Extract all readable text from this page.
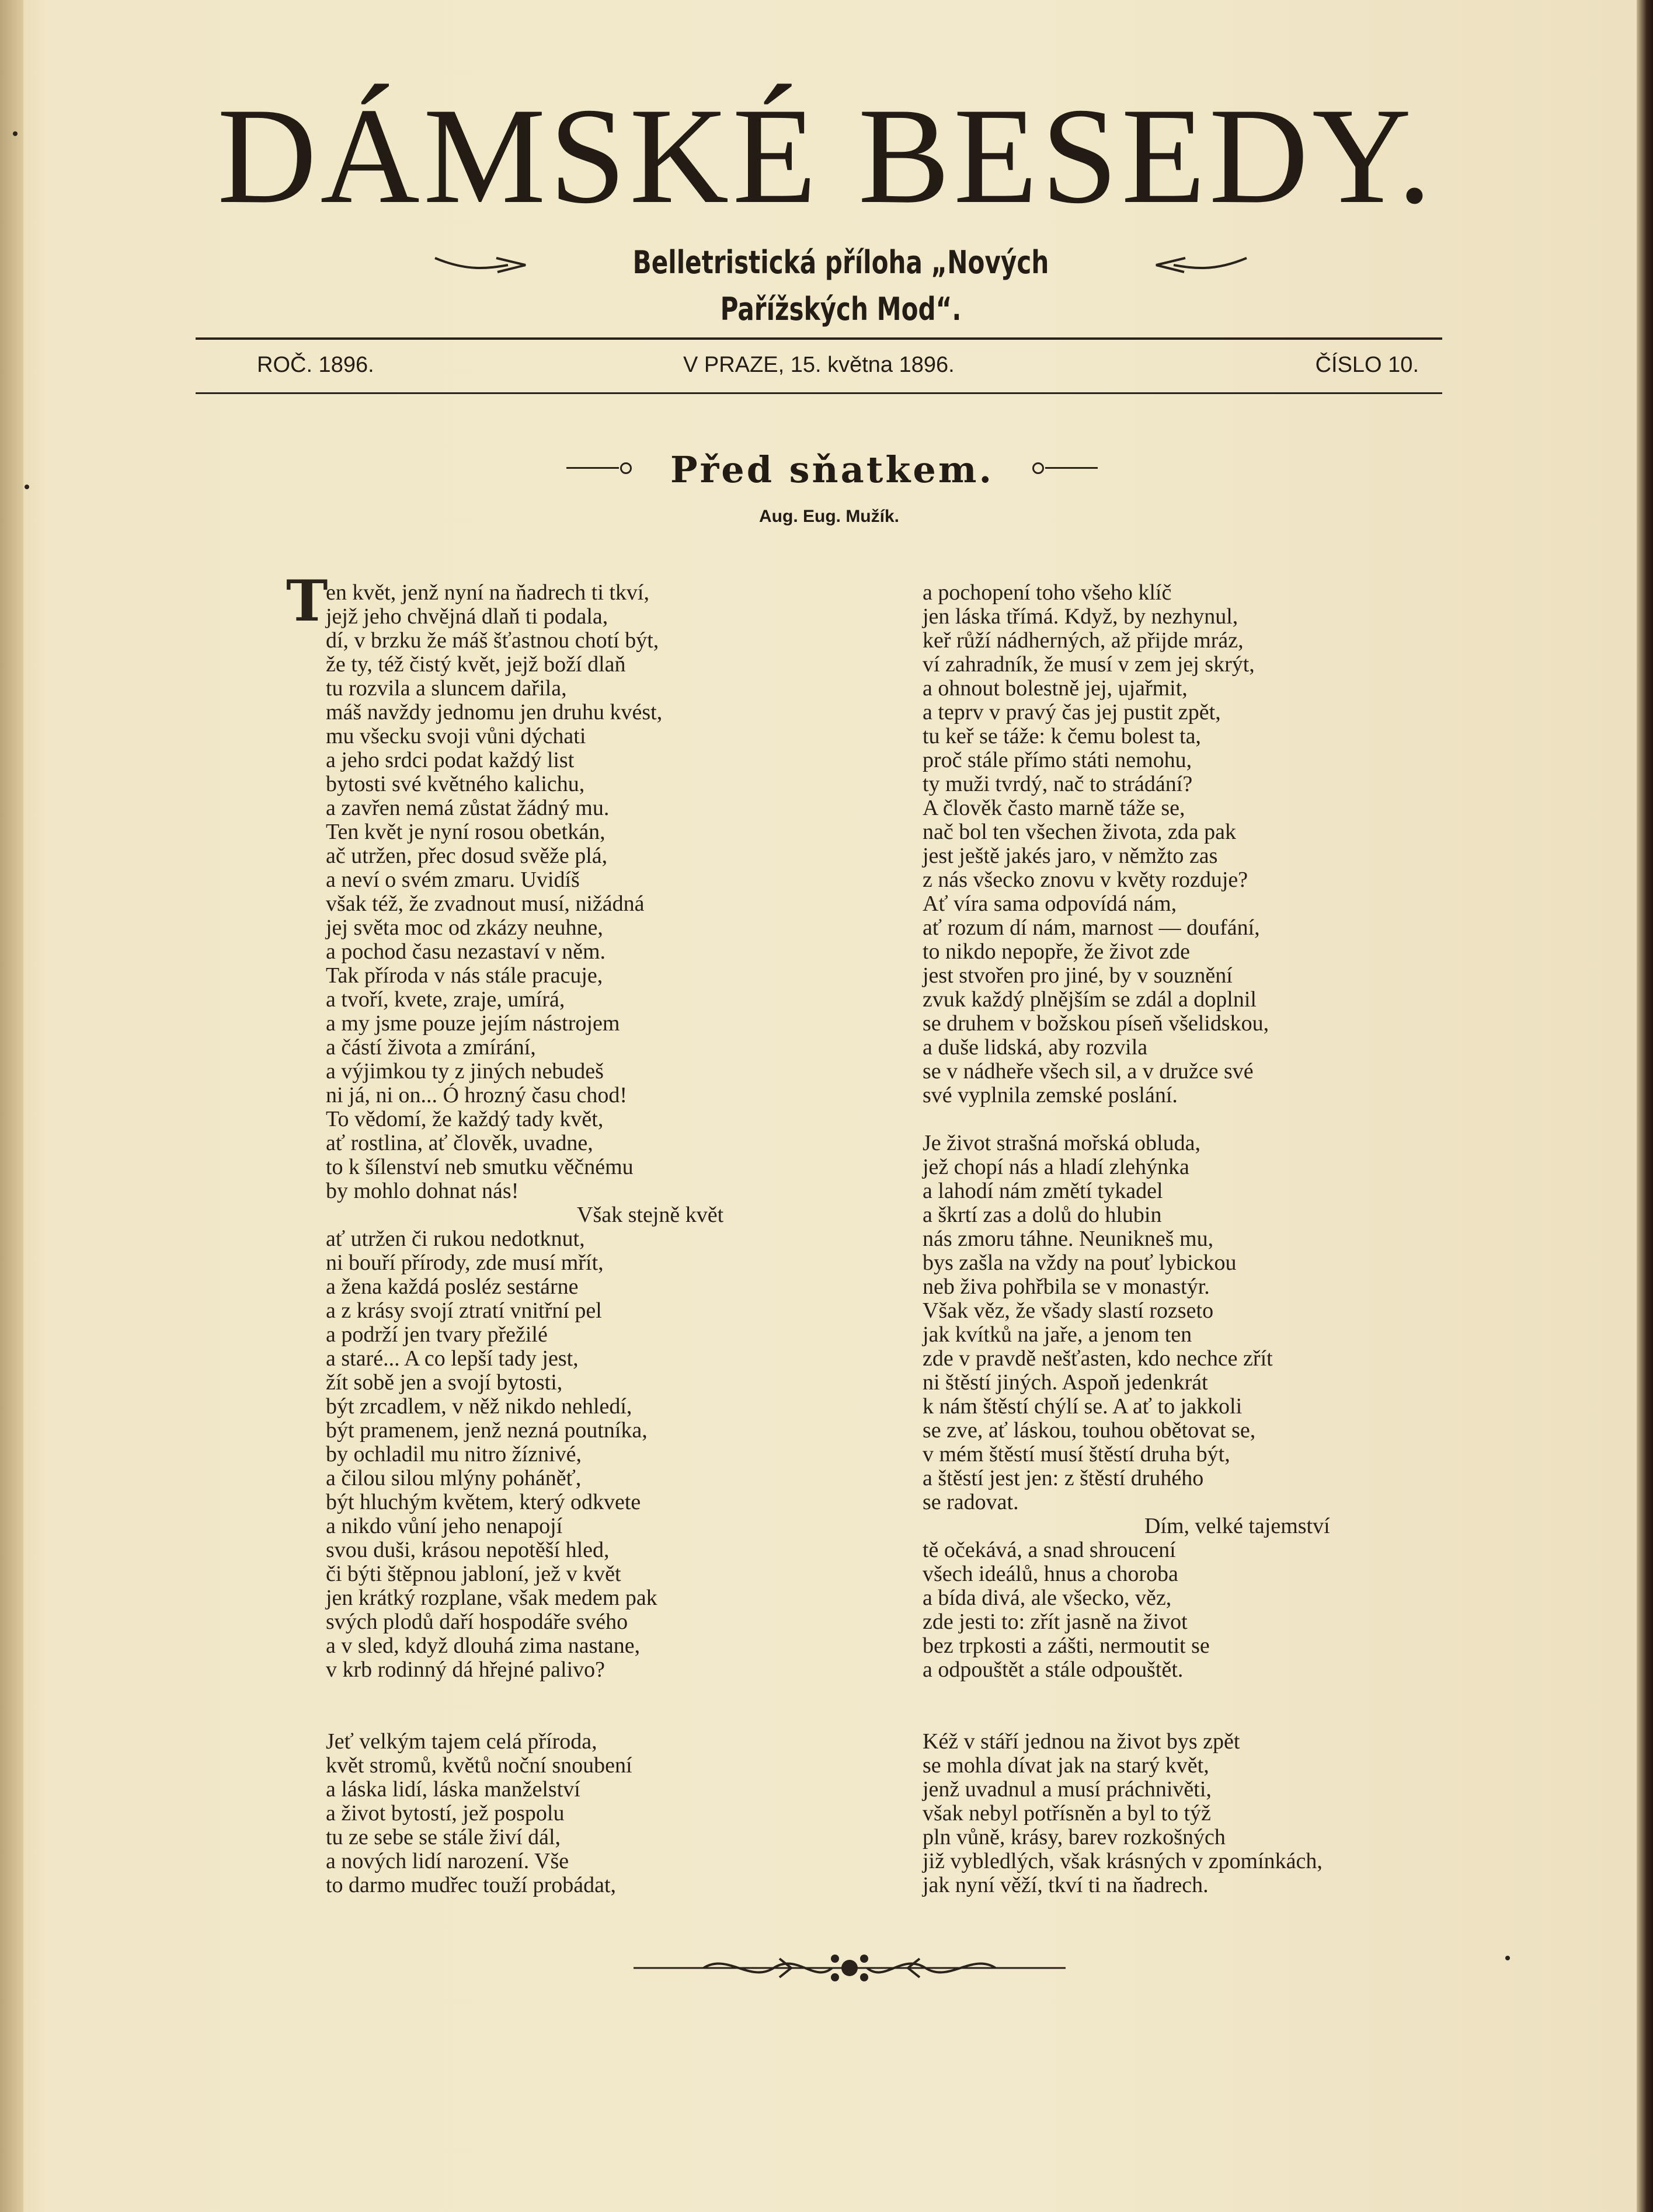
DÁMSKÉ BESEDY.
Belletristická příloha „Nových Pařížských Mod“.
ROČ. 1896.	V PRAZE, 15. května 1896.	ČÍSLO 10.
Před sňatkem.
Aug. Eug. Mužík.
T
en květ, jenž nyní na ňadrech ti tkví,
jejž jeho chvějná dlaň ti podala,
dí, v brzku že máš šťastnou chotí být,
že ty, též čistý květ, jejž boží dlaň
tu rozvila a sluncem dařila,
máš navždy jednomu jen druhu kvést,
mu všecku svoji vůni dýchati
a jeho srdci podat každý list
bytosti své květného kalichu,
a zavřen nemá zůstat žádný mu.
Ten květ je nyní rosou obetkán,
ač utržen, přec dosud svěže plá,
a neví o svém zmaru. Uvidíš
však též, že zvadnout musí, nižádná
jej světa moc od zkázy neuhne,
a pochod času nezastaví v něm.
Tak příroda v nás stále pracuje,
a tvoří, kvete, zraje, umírá,
a my jsme pouze jejím nástrojem
a částí života a zmírání,
a výjimkou ty z jiných nebudeš
ni já, ni on... Ó hrozný času chod!
To vědomí, že každý tady květ,
ať rostlina, ať člověk, uvadne,
to k šílenství neb smutku věčnému
by mohlo dohnat nás!
Však stejně květ
ať utržen či rukou nedotknut,
ni bouří přírody, zde musí mřít,
a žena každá posléz sestárne
a z krásy svojí ztratí vnitřní pel
a podrží jen tvary přežilé
a staré... A co lepší tady jest,
žít sobě jen a svojí bytosti,
být zrcadlem, v něž nikdo nehledí,
být pramenem, jenž nezná poutníka,
by ochladil mu nitro žíznivé,
a čilou silou mlýny poháněť,
být hluchým květem, který odkvete
a nikdo vůní jeho nenapojí
svou duši, krásou nepotěší hled,
či býti štěpnou jabloní, jež v květ
jen krátký rozplane, však medem pak
svých plodů daří hospodáře svého
a v sled, když dlouhá zima nastane,
v krb rodinný dá hřejné palivo?
Jeť velkým tajem celá příroda,
květ stromů, květů noční snoubení
a láska lidí, láska manželství
a život bytostí, jež pospolu
tu ze sebe se stále živí dál,
a nových lidí narození. Vše
to darmo mudřec touží probádat,
a pochopení toho všeho klíč
jen láska třímá. Když, by nezhynul,
keř růží nádherných, až přijde mráz,
ví zahradník, že musí v zem jej skrýt,
a ohnout bolestně jej, ujařmit,
a teprv v pravý čas jej pustit zpět,
tu keř se táže: k čemu bolest ta,
proč stále přímo státi nemohu,
ty muži tvrdý, nač to strádání?
A člověk často marně táže se,
nač bol ten všechen života, zda pak
jest ještě jakés jaro, v němžto zas
z nás všecko znovu v květy rozduje?
Ať víra sama odpovídá nám,
ať rozum dí nám, marnost — doufání,
to nikdo nepopře, že život zde
jest stvořen pro jiné, by v souznění
zvuk každý plnějším se zdál a doplnil
se druhem v božskou píseň všelidskou,
a duše lidská, aby rozvila
se v nádheře všech sil, a v družce své
své vyplnila zemské poslání.
Je život strašná mořská obluda,
jež chopí nás a hladí zlehýnka
a lahodí nám změtí tykadel
a škrtí zas a dolů do hlubin
nás zmoru táhne. Neunikneš mu,
bys zašla na vždy na pouť lybickou
neb živa pohřbila se v monastýr.
Však věz, že všady slastí rozseto
jak kvítků na jaře, a jenom ten
zde v pravdě nešťasten, kdo nechce zřít
ni štěstí jiných. Aspoň jedenkrát
k nám štěstí chýlí se. A ať to jakkoli
se zve, ať láskou, touhou obětovat se,
v mém štěstí musí štěstí druha být,
a štěstí jest jen: z štěstí druhého
se radovat.
Dím, velké tajemství
tě očekává, a snad shroucení
všech ideálů, hnus a choroba
a bída divá, ale všecko, věz,
zde jesti to: zřít jasně na život
bez trpkosti a zášti, nermoutit se
a odpouštět a stále odpouštět.
Kéž v stáří jednou na život bys zpět
se mohla dívat jak na starý květ,
jenž uvadnul a musí práchnivěti,
však nebyl potřísněn a byl to týž
pln vůně, krásy, barev rozkošných
již vybledlých, však krásných v zpomínkách,
jak nyní věží, tkví ti na ňadrech.
